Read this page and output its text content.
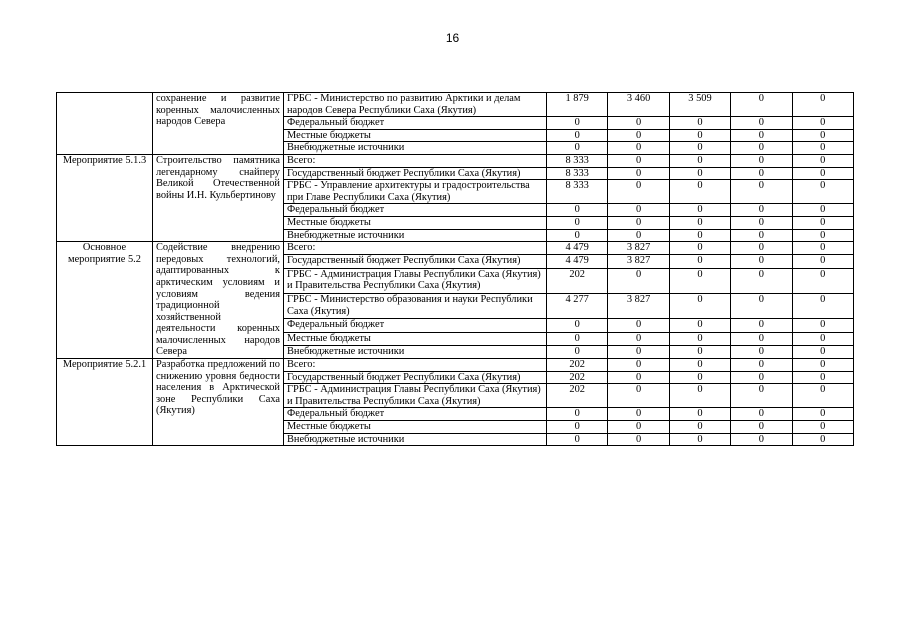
16
	сохранение и развитие коренных малочисленных народов Севера	ГРБС - Министерство по развитию Арктики и делам народов Севера Республики Саха (Якутия)	1 879	3 460	3 509	0	0
		Федеральный бюджет	0	0	0	0	0
		Местные бюджеты	0	0	0	0	0
		Внебюджетные источники	0	0	0	0	0
Мероприятие 5.1.3	Строительство памятника легендарному снайперу Великой Отечественной войны И.Н. Кульбертинову	Всего:	8 333	0	0	0	0
		Государственный бюджет Республики Саха (Якутия)	8 333	0	0	0	0
		ГРБС - Управление архитектуры и градостроительства при Главе Республики Саха (Якутия)	8 333	0	0	0	0
		Федеральный бюджет	0	0	0	0	0
		Местные бюджеты	0	0	0	0	0
		Внебюджетные источники	0	0	0	0	0
Основное мероприятие 5.2	Содействие внедрению передовых технологий, адаптированных к арктическим условиям и условиям ведения традиционной хозяйственной деятельности коренных малочисленных народов Севера	Всего:	4 479	3 827	0	0	0
		Государственный бюджет Республики Саха (Якутия)	4 479	3 827	0	0	0
		ГРБС - Администрация Главы Республики Саха (Якутия) и Правительства Республики Саха (Якутия)	202	0	0	0	0
		ГРБС - Министерство образования и науки Республики Саха (Якутия)	4 277	3 827	0	0	0
		Федеральный бюджет	0	0	0	0	0
		Местные бюджеты	0	0	0	0	0
		Внебюджетные источники	0	0	0	0	0
Мероприятие 5.2.1	Разработка предложений по снижению уровня бедности населения в Арктической зоне Республики Саха (Якутия)	Всего:	202	0	0	0	0
		Государственный бюджет Республики Саха (Якутия)	202	0	0	0	0
		ГРБС - Администрация Главы Республики Саха (Якутия) и Правительства Республики Саха (Якутия)	202	0	0	0	0
		Федеральный бюджет	0	0	0	0	0
		Местные бюджеты	0	0	0	0	0
		Внебюджетные источники	0	0	0	0	0
